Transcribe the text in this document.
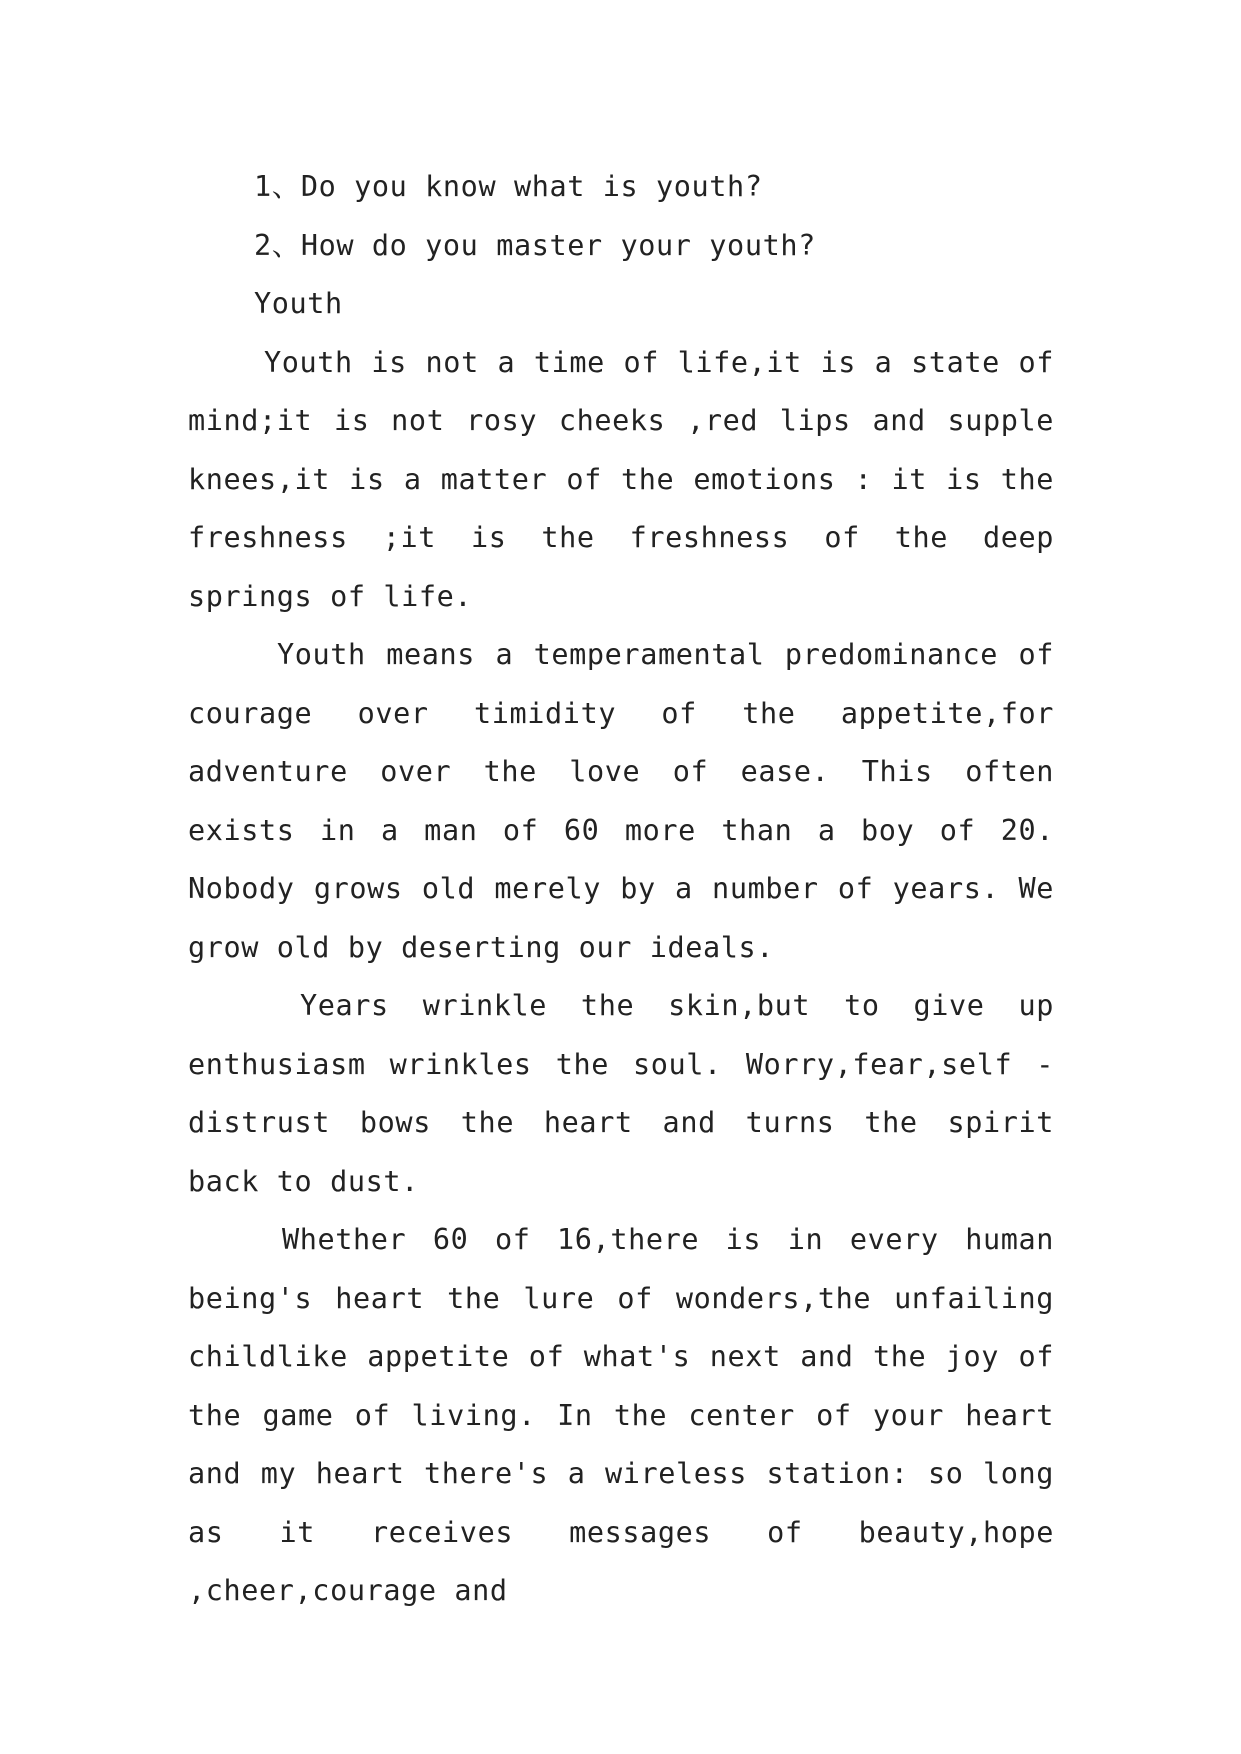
1、Do you know what is youth?

2、How do you master your youth?

Youth

Youth is not a time of life,it is a state of mind;it is not rosy cheeks ,red lips and supple knees,it is a matter of the emotions : it is the freshness ;it is the freshness of the deep springs of life.

Youth means a temperamental predominance of courage over timidity of the appetite,for adventure over the love of ease. This often exists in a man of 60 more than a boy of 20. Nobody grows old merely by a number of years. We grow old by deserting our ideals.

Years wrinkle the skin,but to give up enthusiasm wrinkles the soul. Worry,fear,self - distrust bows the heart and turns the spirit back to dust.

Whether 60 of 16,there is in every human being's heart the lure of wonders,the unfailing childlike appetite of what's next and the joy of the game of living. In the center of your heart and my heart there's a wireless station: so long as it receives messages of beauty,hope ,cheer,courage and
